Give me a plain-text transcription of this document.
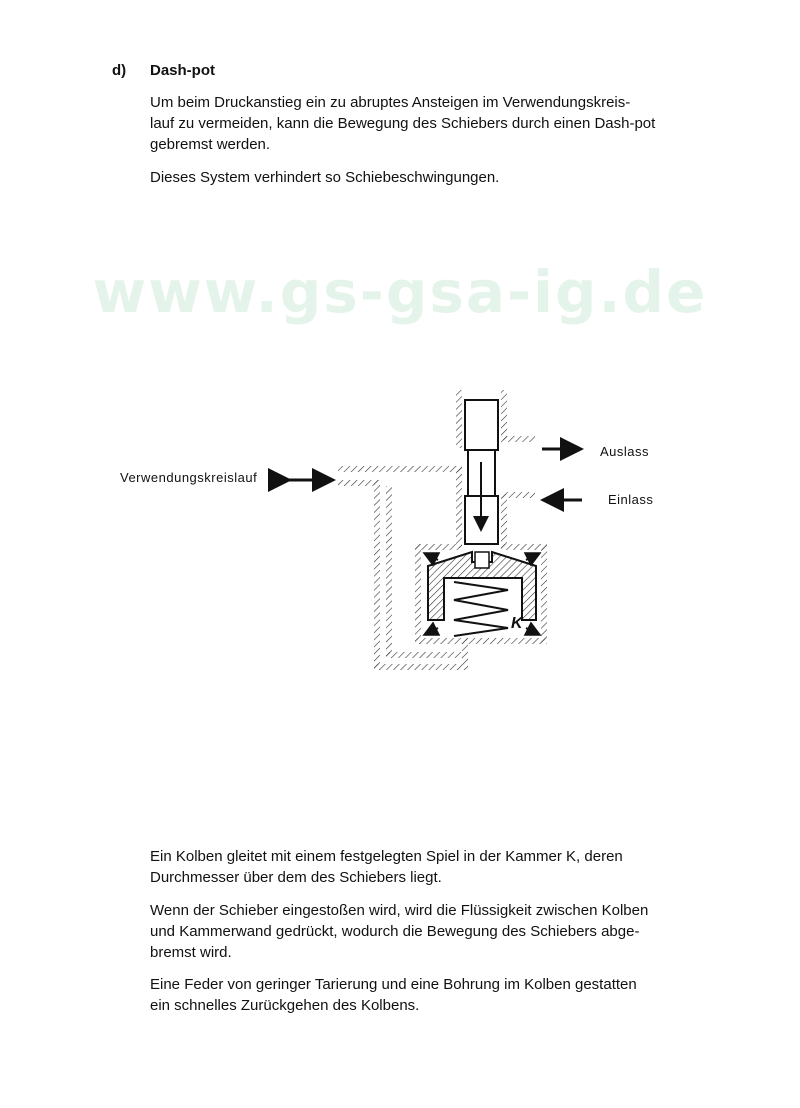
d) Dash-pot

Um beim Druckanstieg ein zu abruptes Ansteigen im Verwendungskreis-
lauf zu vermeiden, kann die Bewegung des Schiebers durch einen Dash-pot
gebremst werden.

Dieses System verhindert so Schiebeschwingungen.

www.gs-gsa-ig.de
K
Auslass
Einlass
Verwendungskreislauf

Ein Kolben gleitet mit einem festgelegten Spiel in der Kammer K, deren
Durchmesser über dem des Schiebers liegt.

Wenn der Schieber eingestoßen wird, wird die Flüssigkeit zwischen Kolben
und Kammerwand gedrückt, wodurch die Bewegung des Schiebers abge-
bremst wird.

Eine Feder von geringer Tarierung und eine Bohrung im Kolben gestatten
ein schnelles Zurückgehen des Kolbens.
